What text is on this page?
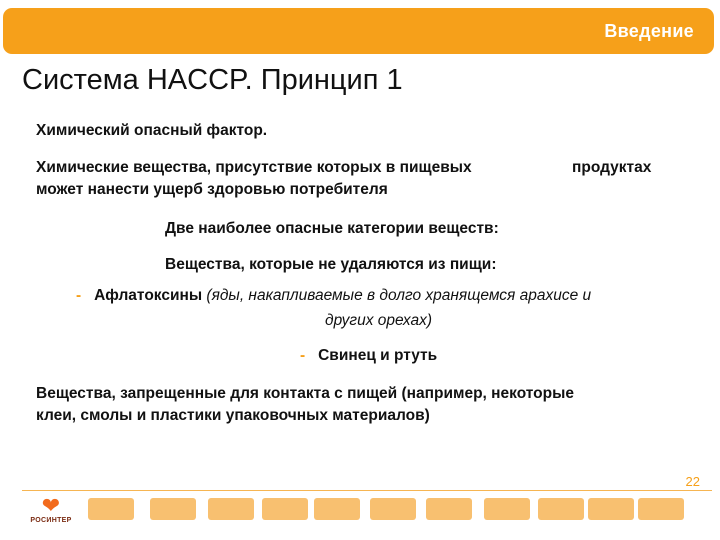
Введение
Система HACCP. Принцип 1
Химический опасный фактор.
Химические вещества, присутствие которых в пищевых	продуктах
может нанести ущерб здоровью потребителя
Две наиболее опасные категории веществ:
Вещества, которые не удаляются из пищи:
- Афлатоксины (яды, накапливаемые в долго хранящемся арахисе и
других орехах)
- Свинец и ртуть
Вещества, запрещенные для контакта с пищей (например, некоторые
клеи, смолы и пластики упаковочных материалов)
22
❤
РОСИНТЕР
